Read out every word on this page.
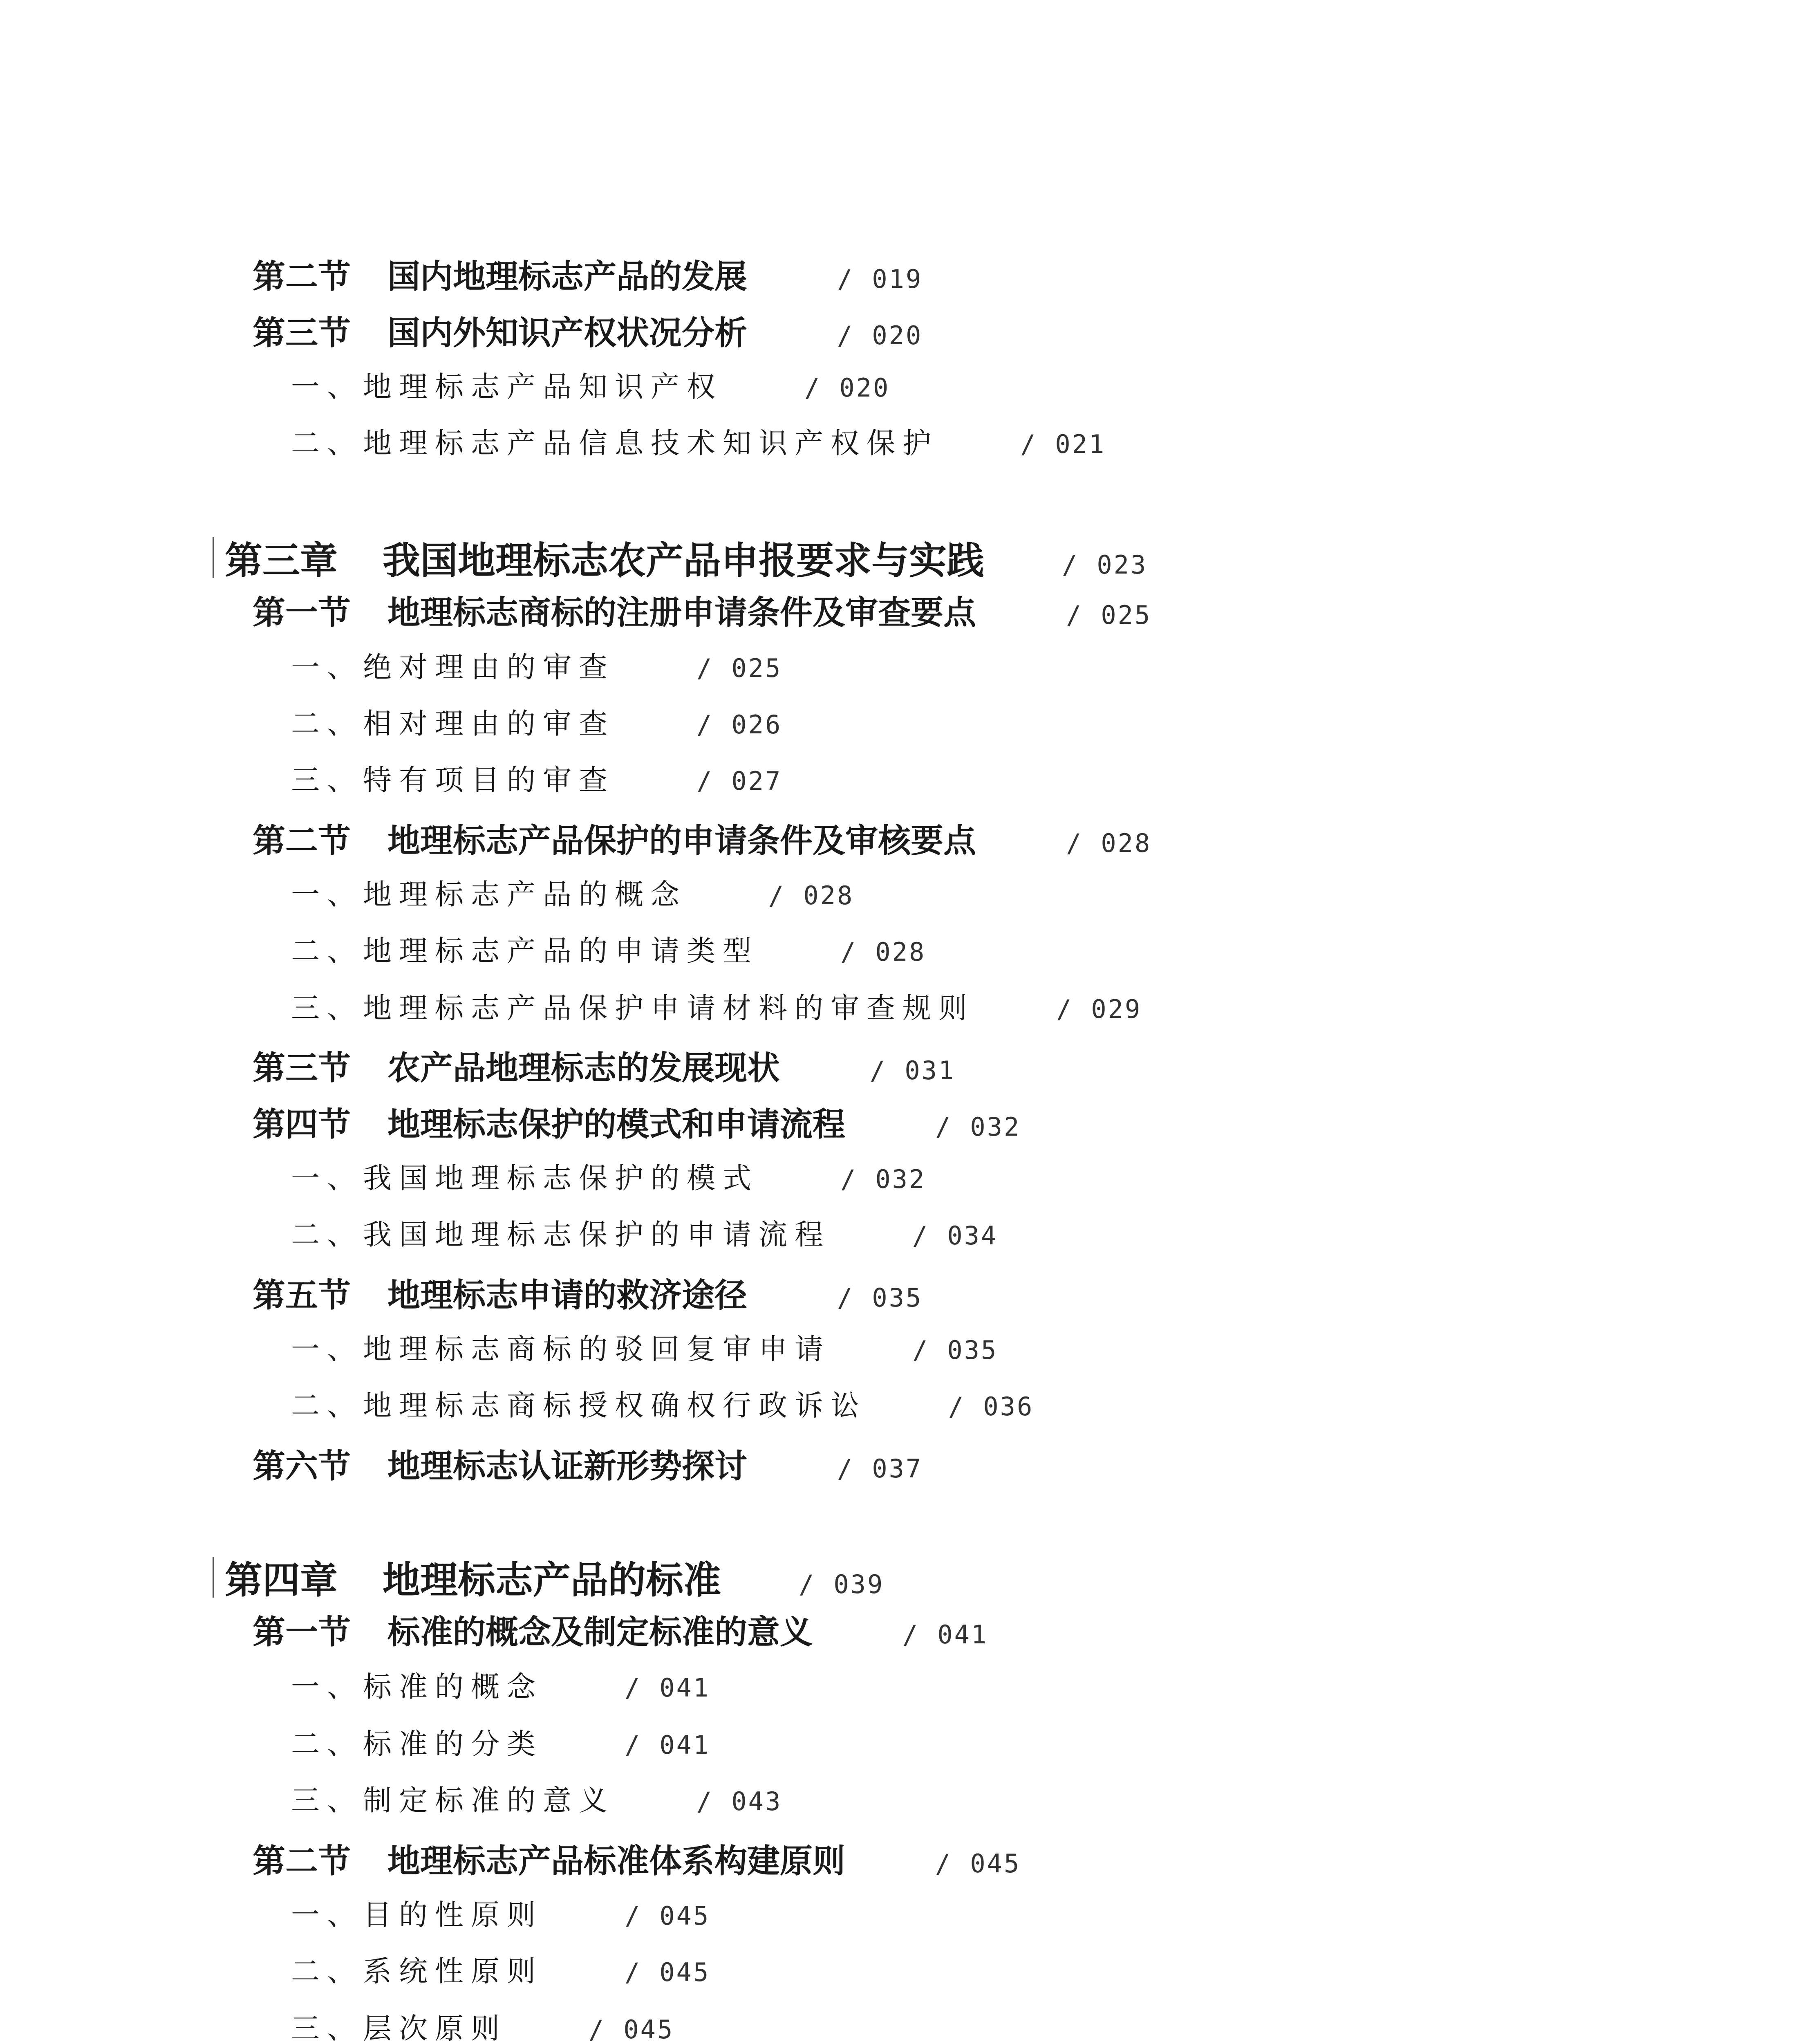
第二节 国内地理标志产品的发展	/ 019
第三节 国内外知识产权状况分析	/ 020
一、 地理标志产品知识产权	/ 020
二、 地理标志产品信息技术知识产权保护	/ 021
第三章 我国地理标志农产品申报要求与实践	/ 023
第一节 地理标志商标的注册申请条件及审查要点	/ 025
一、 绝对理由的审查	/ 025
二、 相对理由的审查	/ 026
三、 特有项目的审查	/ 027
第二节 地理标志产品保护的申请条件及审核要点	/ 028
一、 地理标志产品的概念	/ 028
二、 地理标志产品的申请类型	/ 028
三、 地理标志产品保护申请材料的审查规则	/ 029
第三节 农产品地理标志的发展现状	/ 031
第四节 地理标志保护的模式和申请流程	/ 032
一、 我国地理标志保护的模式	/ 032
二、 我国地理标志保护的申请流程	/ 034
第五节 地理标志申请的救济途径	/ 035
一、 地理标志商标的驳回复审申请	/ 035
二、 地理标志商标授权确权行政诉讼	/ 036
第六节 地理标志认证新形势探讨	/ 037
第四章 地理标志产品的标准	/ 039
第一节 标准的概念及制定标准的意义	/ 041
一、 标准的概念	/ 041
二、 标准的分类	/ 041
三、 制定标准的意义	/ 043
第二节 地理标志产品标准体系构建原则	/ 045
一、 目的性原则	/ 045
二、 系统性原则	/ 045
三、 层次原则	/ 045
